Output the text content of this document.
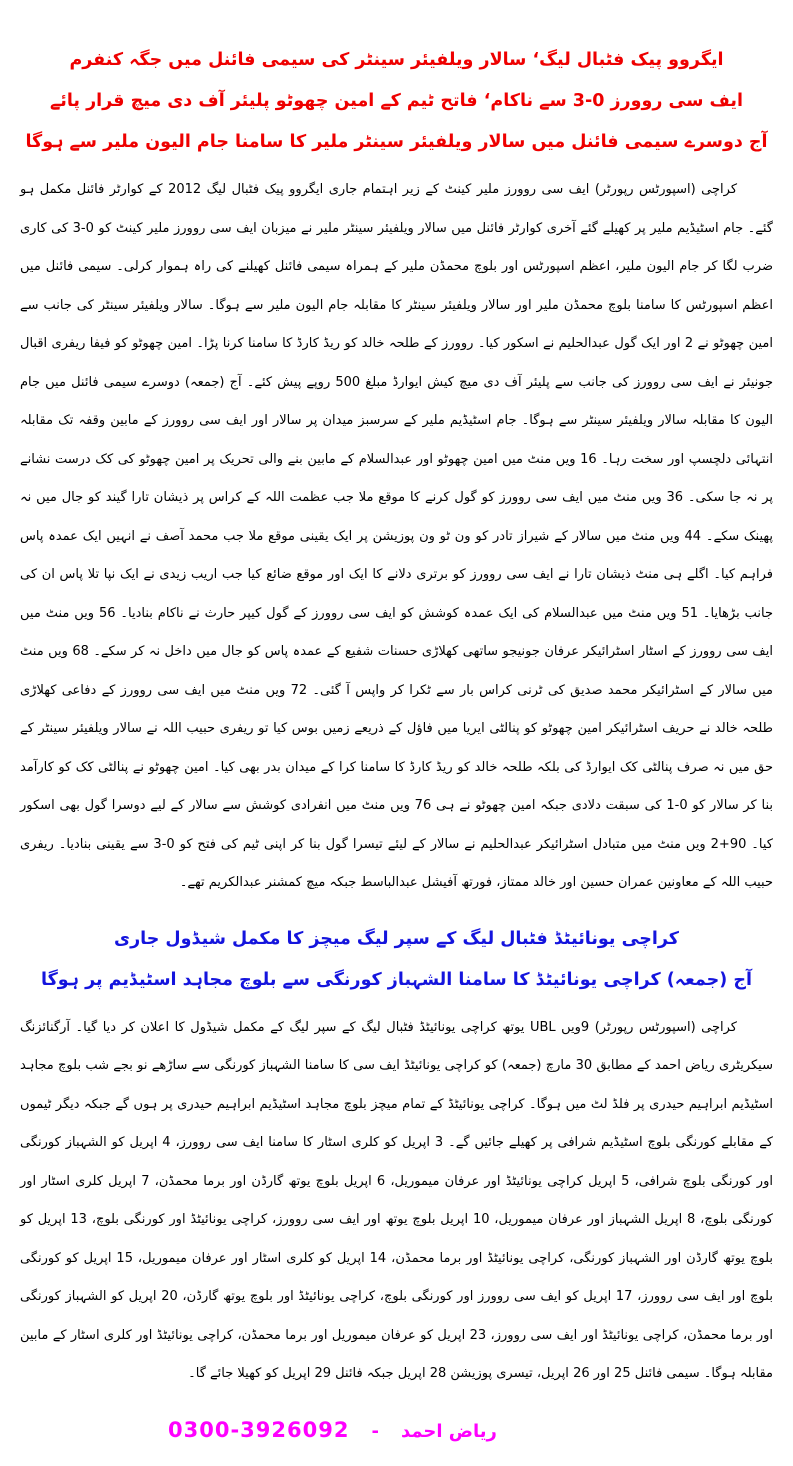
ایگروو پیک فٹبال لیگ‘ سالار ویلفیئر سینٹر کی سیمی فائنل میں جگہ کنفرم
ایف سی روورز 0-3 سے ناکام‘ فاتح ٹیم کے امین چھوٹو پلیئر آف دی میچ قرار پائے
آج دوسرے سیمی فائنل میں سالار ویلفیئر سینٹر ملیر کا سامنا جام الیون ملیر سے ہوگا

کراچی (اسپورٹس رپورٹر) ایف سی روورز ملیر کینٹ کے زیر اہتمام جاری ایگروو پیک فٹبال لیگ 2012 کے کوارٹر فائنل مکمل ہو گئے۔ جام اسٹیڈیم ملیر پر کھیلے گئے آخری کوارٹر فائنل میں سالار ویلفیئر سینٹر ملیر نے میزبان ایف سی روورز ملیر کینٹ کو 0-3 کی کاری ضرب لگا کر جام الیون ملیر، اعظم اسپورٹس اور بلوچ محمڈن ملیر کے ہمراہ سیمی فائنل کھیلنے کی راہ ہموار کرلی۔ سیمی فائنل میں اعظم اسپورٹس کا سامنا بلوچ محمڈن ملیر اور سالار ویلفیئر سینٹر کا مقابلہ جام الیون ملیر سے ہوگا۔ سالار ویلفیئر سینٹر کی جانب سے امین چھوٹو نے 2 اور ایک گول عبدالحلیم نے اسکور کیا۔ روورز کے طلحہ خالد کو ریڈ کارڈ کا سامنا کرنا پڑا۔ امین چھوٹو کو فیفا ریفری اقبال جونیئر نے ایف سی روورز کی جانب سے پلیئر آف دی میچ کیش ایوارڈ مبلغ 500 روپے پیش کئے۔ آج (جمعہ) دوسرے سیمی فائنل میں جام الیون کا مقابلہ سالار ویلفیئر سینٹر سے ہوگا۔ جام اسٹیڈیم ملیر کے سرسبز میدان پر سالار اور ایف سی روورز کے مابین وقفہ تک مقابلہ انتہائی دلچسپ اور سخت رہا۔ 16 ویں منٹ میں امین چھوٹو اور عبدالسلام کے مابین بنے والی تحریک پر امین چھوٹو کی کک درست نشانے پر نہ جا سکی۔ 36 ویں منٹ میں ایف سی روورز کو گول کرنے کا موقع ملا جب عظمت اللہ کے کراس پر ذیشان تارا گیند کو جال میں نہ پھینک سکے۔ 44 ویں منٹ میں سالار کے شیراز تادر کو ون ٹو ون پوزیشن پر ایک یقینی موقع ملا جب محمد آصف نے انہیں ایک عمدہ پاس فراہم کیا۔ اگلے ہی منٹ ذیشان تارا نے ایف سی روورز کو برتری دلانے کا ایک اور موقع ضائع کیا جب اریب زیدی نے ایک نپا تلا پاس ان کی جانب بڑھایا۔ 51 ویں منٹ میں عبدالسلام کی ایک عمدہ کوشش کو ایف سی روورز کے گول کیپر حارث نے ناکام بنادیا۔ 56 ویں منٹ میں ایف سی روورز کے اسٹار اسٹرائیکر عرفان جونیجو ساتھی کھلاڑی حسنات شفیع کے عمدہ پاس کو جال میں داخل نہ کر سکے۔ 68 ویں منٹ میں سالار کے اسٹرائیکر محمد صدیق کی ٹرنی کراس بار سے ٹکرا کر واپس آ گئی۔ 72 ویں منٹ میں ایف سی روورز کے دفاعی کھلاڑی طلحہ خالد نے حریف اسٹرائیکر امین چھوٹو کو پنالٹی ایریا میں فاؤل کے ذریعے زمیں بوس کیا تو ریفری حبیب اللہ نے سالار ویلفیئر سینٹر کے حق میں نہ صرف پنالٹی کک ایوارڈ کی بلکہ طلحہ خالد کو ریڈ کارڈ کا سامنا کرا کے میدان بدر بھی کیا۔ امین چھوٹو نے پنالٹی کک کو کارآمد بنا کر سالار کو 0-1 کی سبقت دلادی جبکہ امین چھوٹو نے ہی 76 ویں منٹ میں انفرادی کوشش سے سالار کے لیے دوسرا گول بھی اسکور کیا۔ 90+2 ویں منٹ میں متبادل اسٹرائیکر عبدالحلیم نے سالار کے لیئے تیسرا گول بنا کر اپنی ٹیم کی فتح کو 0-3 سے یقینی بنادیا۔ ریفری حبیب اللہ کے معاونین عمران حسین اور خالد ممتاز، فورتھ آفیشل عبدالباسط جبکہ میچ کمشنر عبدالکریم تھے۔

کراچی یونائیٹڈ فٹبال لیگ کے سپر لیگ میچز کا مکمل شیڈول جاری
آج (جمعہ) کراچی یونائیٹڈ کا سامنا الشہباز کورنگی سے بلوچ مجاہد اسٹیڈیم پر ہوگا

کراچی (اسپورٹس رپورٹر) 9ویں UBL یوتھ کراچی یونائیٹڈ فٹبال لیگ کے سپر لیگ کے مکمل شیڈول کا اعلان کر دیا گیا۔ آرگنائزنگ سیکریٹری ریاض احمد کے مطابق 30 مارچ (جمعہ) کو کراچی یونائیٹڈ ایف سی کا سامنا الشہباز کورنگی سے ساڑھے نو بجے شب بلوچ مجاہد اسٹیڈیم ابراہیم حیدری پر فلڈ لٹ میں ہوگا۔ کراچی یونائیٹڈ کے تمام میچز بلوچ مجاہد اسٹیڈیم ابراہیم حیدری پر ہوں گے جبکہ دیگر ٹیموں کے مقابلے کورنگی بلوچ اسٹیڈیم شرافی پر کھیلے جائیں گے۔ 3 اپریل کو کلری اسٹار کا سامنا ایف سی روورز، 4 اپریل کو الشہباز کورنگی اور کورنگی بلوچ شرافی، 5 اپریل کراچی یونائیٹڈ اور عرفان میموریل، 6 اپریل بلوچ یوتھ گارڈن اور برما محمڈن، 7 اپریل کلری اسٹار اور کورنگی بلوچ، 8 اپریل الشہباز اور عرفان میموریل، 10 اپریل بلوچ یوتھ اور ایف سی روورز، کراچی یونائیٹڈ اور کورنگی بلوچ، 13 اپریل کو بلوچ یوتھ گارڈن اور الشہباز کورنگی، کراچی یونائیٹڈ اور برما محمڈن، 14 اپریل کو کلری اسٹار اور عرفان میموریل، 15 اپریل کو کورنگی بلوچ اور ایف سی روورز، 17 اپریل کو ایف سی روورز اور کورنگی بلوچ، کراچی یونائیٹڈ اور بلوچ یوتھ گارڈن، 20 اپریل کو الشہباز کورنگی اور برما محمڈن، کراچی یونائیٹڈ اور ایف سی روورز، 23 اپریل کو عرفان میموریل اور برما محمڈن، کراچی یونائیٹڈ اور کلری اسٹار کے مابین مقابلہ ہوگا۔ سیمی فائنل 25 اور 26 اپریل، تیسری پوزیشن 28 اپریل جبکہ فائنل 29 اپریل کو کھیلا جائے گا۔

0300-3926092 - ریاض احمد
